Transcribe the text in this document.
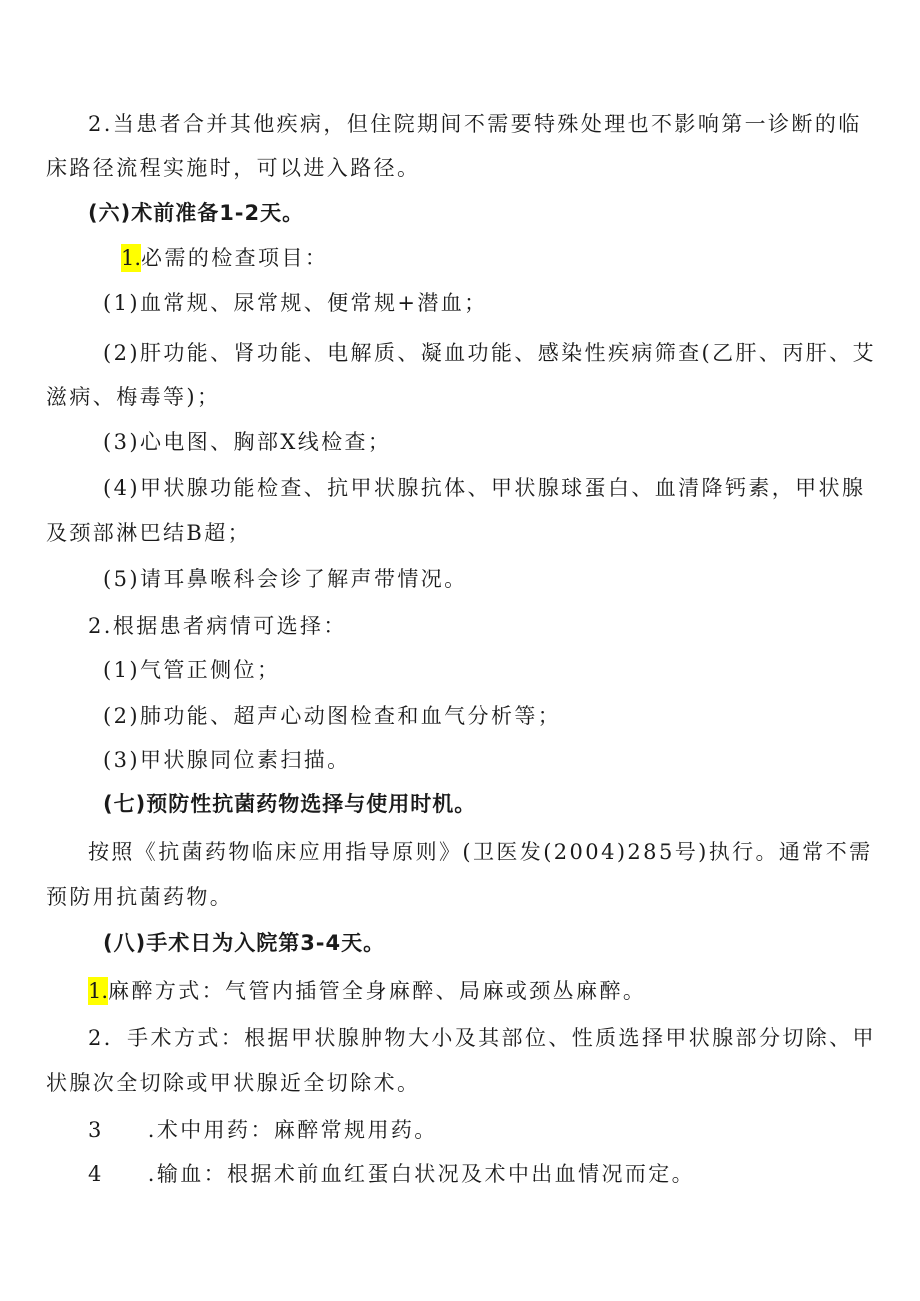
2.当患者合并其他疾病，但住院期间不需要特殊处理也不影响第一诊断的临
床路径流程实施时，可以进入路径。
(六)术前准备1-2天。
1.必需的检查项目：
(1)血常规、尿常规、便常规+潜血；
(2)肝功能、肾功能、电解质、凝血功能、感染性疾病筛查(乙肝、丙肝、艾
滋病、梅毒等)；
(3)心电图、胸部X线检查；
(4)甲状腺功能检查、抗甲状腺抗体、甲状腺球蛋白、血清降钙素，甲状腺
及颈部淋巴结B超；
(5)请耳鼻喉科会诊了解声带情况。
2.根据患者病情可选择：
(1)气管正侧位；
(2)肺功能、超声心动图检查和血气分析等；
(3)甲状腺同位素扫描。
(七)预防性抗菌药物选择与使用时机。
按照《抗菌药物临床应用指导原则》(卫医发(2004)285号)执行。通常不需
预防用抗菌药物。
(八)手术日为入院第3-4天。
1.麻醉方式：气管内插管全身麻醉、局麻或颈丛麻醉。
2．手术方式：根据甲状腺肿物大小及其部位、性质选择甲状腺部分切除、甲
状腺次全切除或甲状腺近全切除术。
3 .术中用药：麻醉常规用药。
4 .输血：根据术前血红蛋白状况及术中出血情况而定。
